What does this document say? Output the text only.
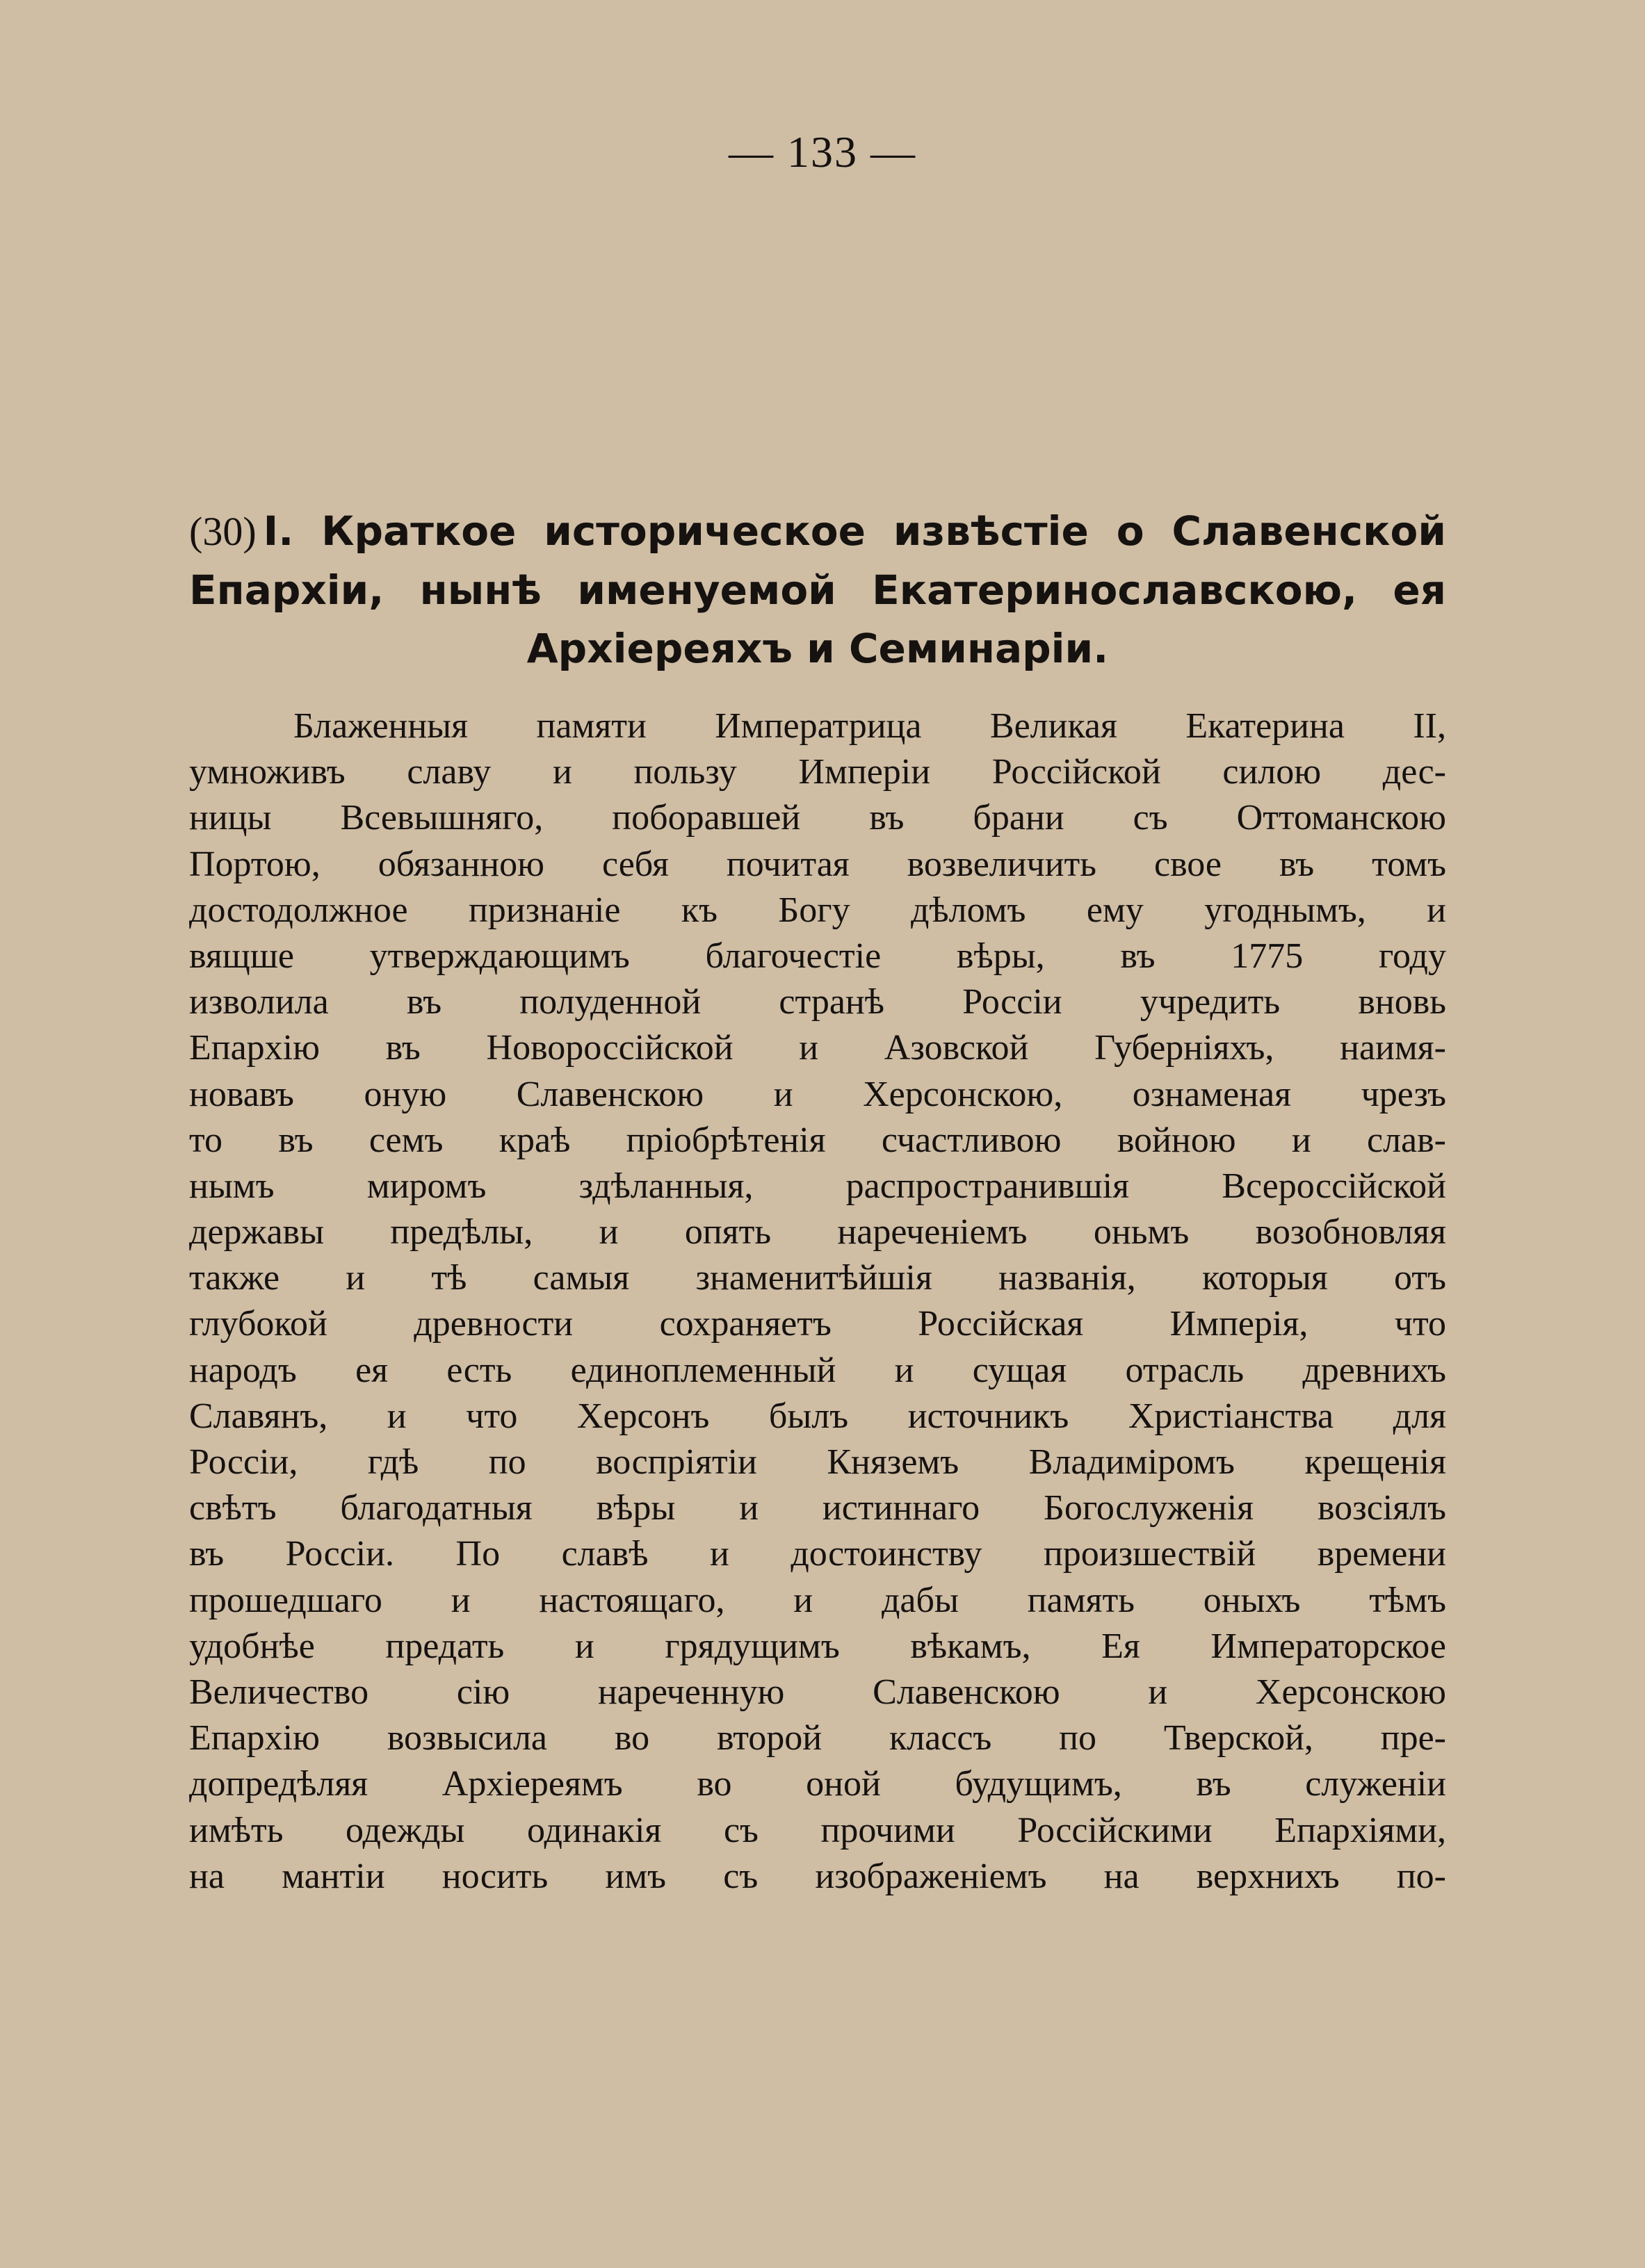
— 133 —
(30) I. Краткое историческое извѣстіе о Славенской
Епархіи, нынѣ именуемой Екатеринославскою, ея
Архіереяхъ и Семинаріи.
Блаженныя памяти Императрица Великая Екатерина II,
умноживъ славу и пользу Имперіи Россійской силою дес-
ницы Всевышняго, поборавшей въ брани съ Оттоманскою
Портою, обязанною себя почитая возвеличить свое въ томъ
достодолжное признаніе къ Богу дѣломъ ему угоднымъ, и
вящше утверждающимъ благочестіе вѣры, въ 1775 году
изволила въ полуденной странѣ Россіи учредить вновь
Епархію въ Новороссійской и Азовской Губерніяхъ, наимя-
новавъ оную Славенскою и Херсонскою, ознаменая чрезъ
то въ семъ краѣ пріобрѣтенія счастливою войною и слав-
нымъ миромъ здѣланныя, распространившія Всероссійской
державы предѣлы, и опять нареченіемъ оньмъ возобновляя
также и тѣ самыя знаменитѣйшія названія, которыя отъ
глубокой древности сохраняетъ Россійская Имперія, что
народъ ея есть единоплеменный и сущая отрасль древнихъ
Славянъ, и что Херсонъ былъ источникъ Христіанства для
Россіи, гдѣ по воспріятіи Княземъ Владиміромъ крещенія
свѣтъ благодатныя вѣры и истиннаго Богослуженія возсіялъ
въ Россіи. По славѣ и достоинству произшествій времени
прошедшаго и настоящаго, и дабы память оныхъ тѣмъ
удобнѣе предать и грядущимъ вѣкамъ, Ея Императорское
Величество сію нареченную Славенскою и Херсонскою
Епархію возвысила во второй классъ по Тверской, пре-
допредѣляя Архіереямъ во оной будущимъ, въ служеніи
имѣть одежды одинакія съ прочими Россійскими Епархіями,
на мантіи носить имъ съ изображеніемъ на верхнихъ по-
